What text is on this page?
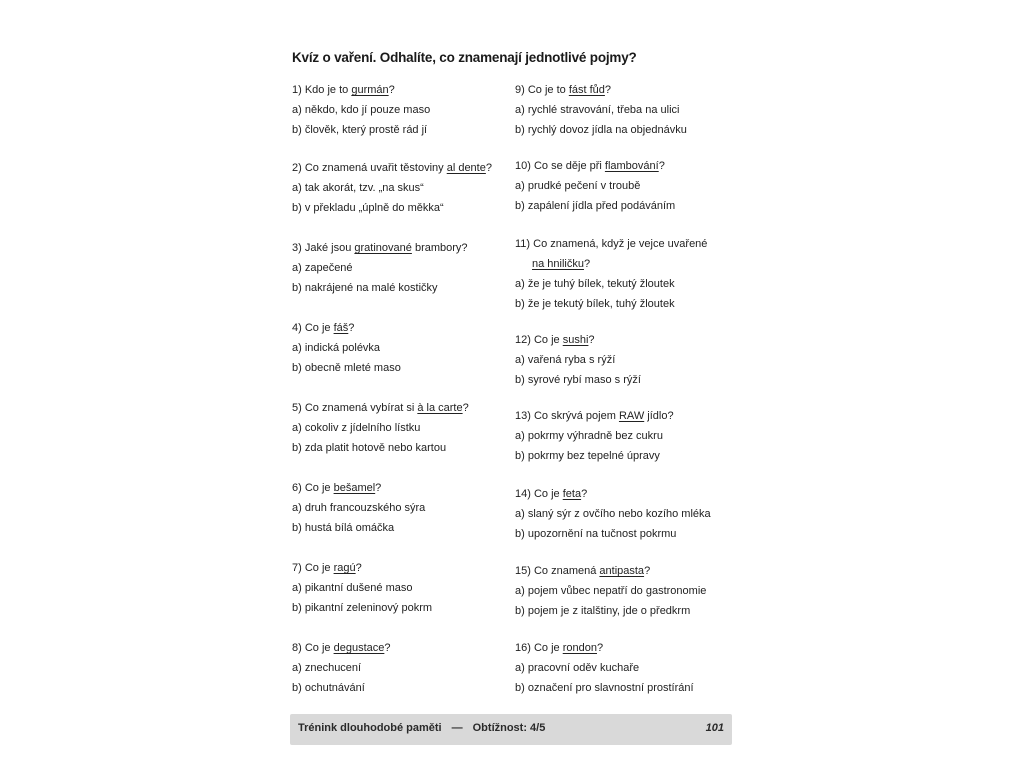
Kvíz o vaření. Odhalíte, co znamenají jednotlivé pojmy?
1) Kdo je to gurmán?
a) někdo, kdo jí pouze maso
b) člověk, který prostě rád jí
2) Co znamená uvařit těstoviny al dente?
a) tak akorát, tzv. „na skus“
b) v překladu „úplně do měkka“
3) Jaké jsou gratinované brambory?
a) zapečené
b) nakrájené na malé kostičky
4) Co je fáš?
a) indická polévka
b) obecně mleté maso
5) Co znamená vybírat si à la carte?
a) cokoliv z jídelního lístku
b) zda platit hotově nebo kartou
6) Co je bešamel?
a) druh francouzského sýra
b) hustá bílá omáčka
7) Co je ragú?
a) pikantní dušené maso
b) pikantní zeleninový pokrm
8) Co je degustace?
a) znechucení
b) ochutnávání
9) Co je to fást fůd?
a) rychlé stravování, třeba na ulici
b) rychlý dovoz jídla na objednávku
10) Co se děje při flambování?
a) prudké pečení v troubě
b) zapálení jídla před podáváním
11) Co znamená, když je vejce uvařené
na hniličku?
a) že je tuhý bílek, tekutý žloutek
b) že je tekutý bílek, tuhý žloutek
12) Co je sushi?
a) vařená ryba s rýží
b) syrové rybí maso s rýží
13) Co skrývá pojem RAW jídlo?
a) pokrmy výhradně bez cukru
b) pokrmy bez tepelné úpravy
14) Co je feta?
a) slaný sýr z ovčího nebo kozího mléka
b) upozornění na tučnost pokrmu
15) Co znamená antipasta?
a) pojem vůbec nepatří do gastronomie
b) pojem je z italštiny, jde o předkrm
16) Co je rondon?
a) pracovní oděv kuchaře
b) označení pro slavnostní prostírání
Trénink dlouhodobé paměti — Obtížnost: 4/5	101
